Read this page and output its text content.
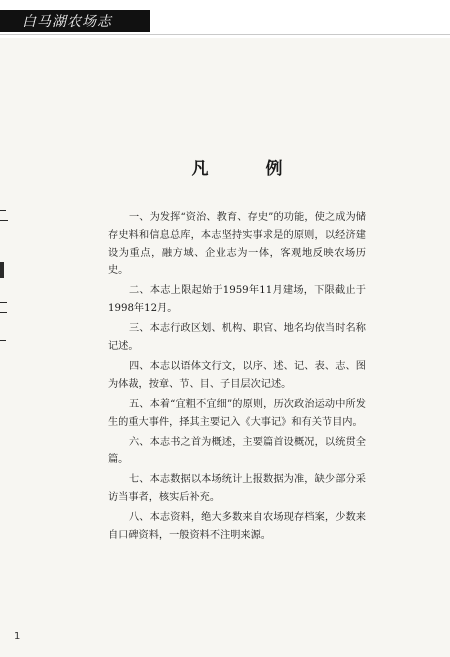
白马湖农场志
凡　例

一、为发挥“资治、教育、存史”的功能，使之成为储存史料和信息总库，本志坚持实事求是的原则，以经济建设为重点，融方域、企业志为一体，客观地反映农场历史。

二、本志上限起始于1959年11月建场，下限截止于1998年12月。

三、本志行政区划、机构、职官、地名均依当时名称记述。

四、本志以语体文行文，以序、述、记、表、志、图为体裁，按章、节、目、子目层次记述。

五、本着“宜粗不宜细”的原则，历次政治运动中所发生的重大事件，择其主要记入《大事记》和有关节目内。

六、本志书之首为概述，主要篇首设概况，以统贯全篇。

七、本志数据以本场统计上报数据为准，缺少部分采访当事者，核实后补充。

八、本志资料，绝大多数来自农场现存档案，少数来自口碑资料，一般资料不注明来源。

1
